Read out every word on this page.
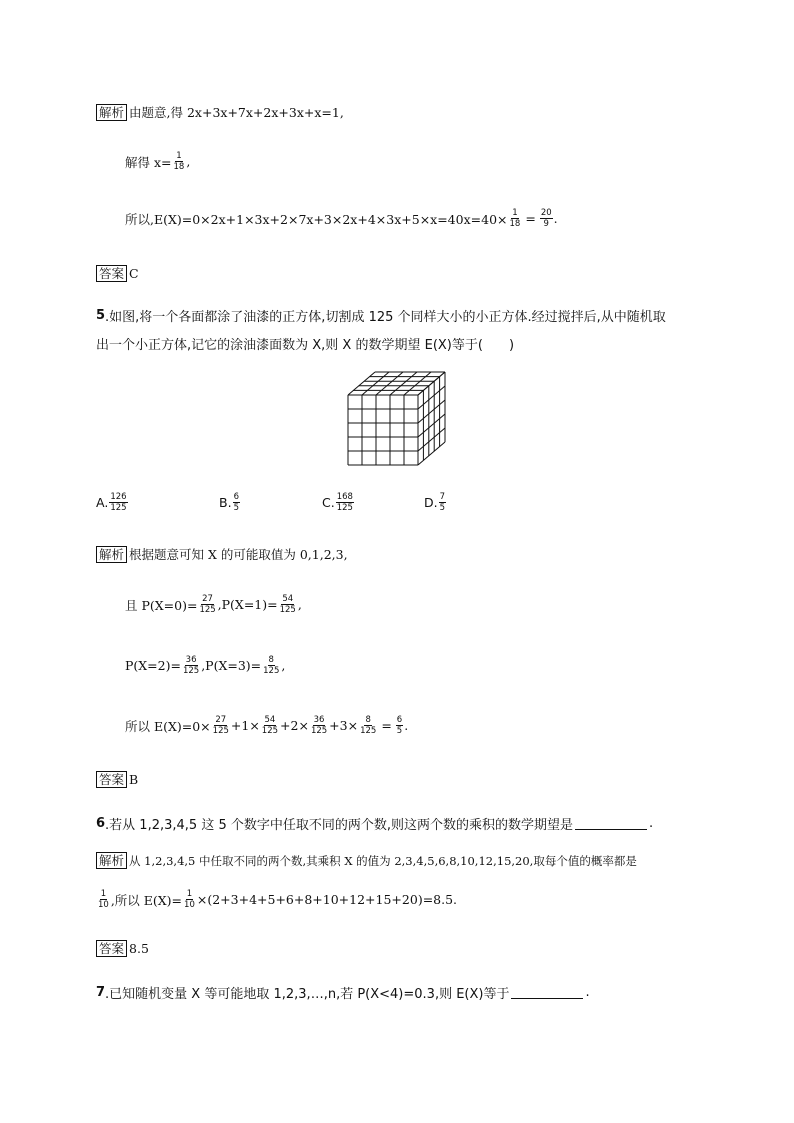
解析 由题意,得 2x+3x+7x+2x+3x+x=1,
解得 $x= \frac{1}{18}$ ,
所以$,E(X)=0\times 2x+1\times 3x+2\times 7x+3\times 2x+4\times 3x+5\times x=40x=40\times \frac{1}{18} = \frac{20}{9}$ .
答案 C
5 .如图,将一个各面都涂了油漆的正方体,切割成 125 个同样大小的小正方体.经过搅拌后,从中随机取
出一个小正方体,记它的涂油漆面数为 X,则 X 的数学期望 E(X)等于(　　)
A. $\frac{126}{125}$	B. $\frac{6}{5}$	C. $\frac{168}{125}$	D. $\frac{7}{5}$
解析 根据题意可知 X 的可能取值为 0,1,2,3,
且 $P(X=0)= \frac{27}{125} ,P(X=1)= \frac{54}{125}$ ,
$P(X=2)= \frac{36}{125} ,P(X=3)= \frac{8}{125}$ ,
所以 $E(X)=0\times \frac{27}{125} +1\times \frac{54}{125} +2\times \frac{36}{125} +3\times \frac{8}{125} = \frac{6}{5}$ .
答案 B
6 .若从 1,2,3,4,5 这 5 个数字中任取不同的两个数,则这两个数的乘积的数学期望是	.
解析 从 1,2,3,4,5 中任取不同的两个数,其乘积 X 的值为 2,3,4,5,6,8,10,12,15,20,取每个值的概率都是
$\frac{1}{10}$ ,所以 $E(X)= \frac{1}{10} \times(2+3+4+5+6+8+10+12+15+20)=8.5$.
答案 8.5
7 .已知随机变量 X 等可能地取 1,2,3,…,n,若 P(X<4)=0.3,则 E(X)等于	.
